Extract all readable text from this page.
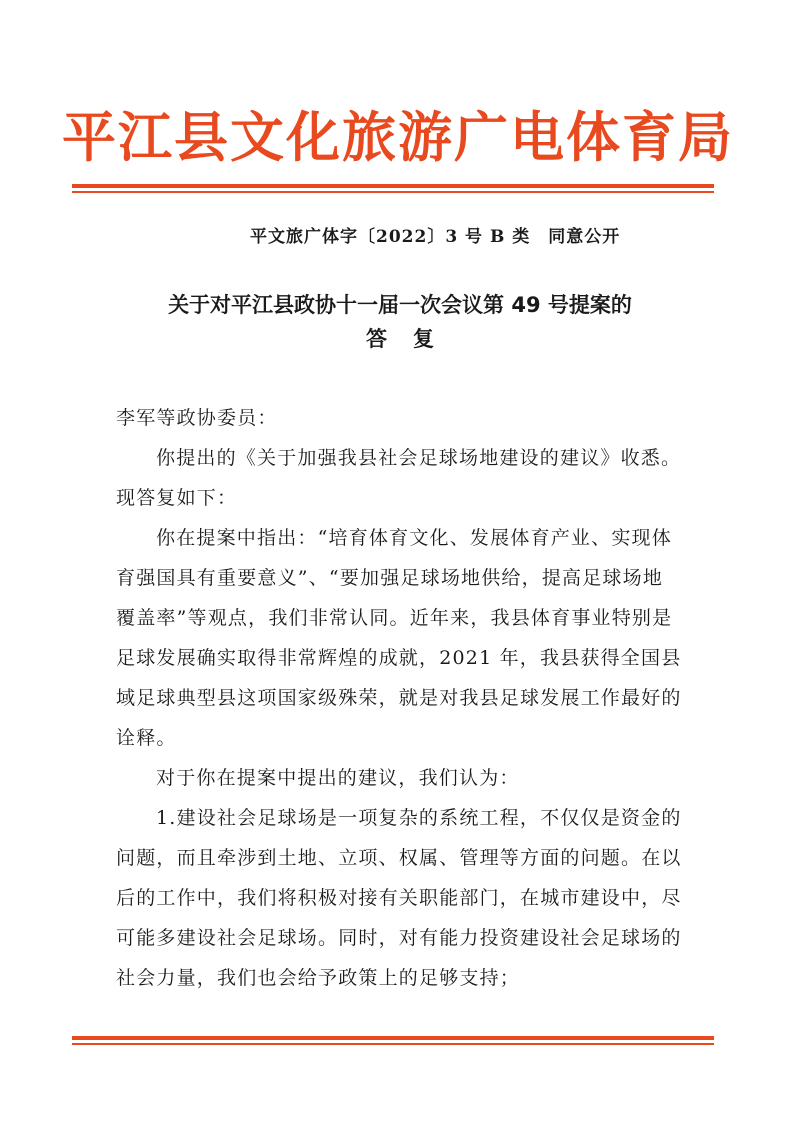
平江县文化旅游广电体育局
平文旅广体字〔2022〕3 号 B 类　同意公开
关于对平江县政协十一届一次会议第 49 号提案的
答复

李军等政协委员：

你提出的《关于加强我县社会足球场地建设的建议》收悉。现答复如下：

你在提案中指出：“培育体育文化、发展体育产业、实现体育强国具有重要意义”、“要加强足球场地供给，提高足球场地覆盖率”等观点，我们非常认同。近年来，我县体育事业特别是足球发展确实取得非常辉煌的成就，2021 年，我县获得全国县域足球典型县这项国家级殊荣，就是对我县足球发展工作最好的诠释。

对于你在提案中提出的建议，我们认为：

1.建设社会足球场是一项复杂的系统工程，不仅仅是资金的问题，而且牵涉到土地、立项、权属、管理等方面的问题。在以后的工作中，我们将积极对接有关职能部门，在城市建设中，尽可能多建设社会足球场。同时，对有能力投资建设社会足球场的社会力量，我们也会给予政策上的足够支持；
